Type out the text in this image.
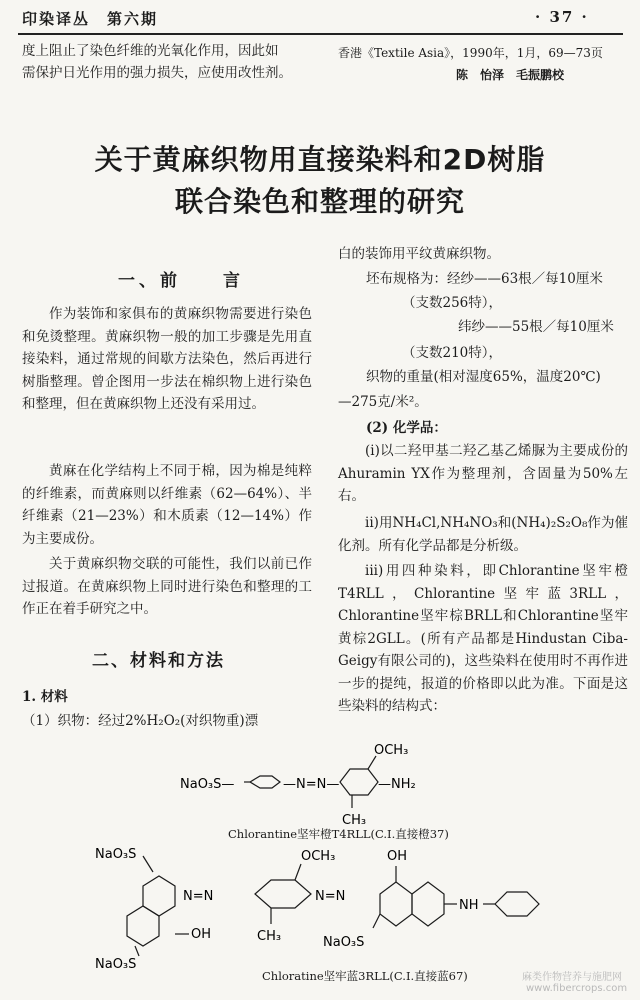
印染译丛　第六期	· 37 ·
度上阻止了染色纤维的光氧化作用，因此如
需保护日光作用的强力损失，应使用改性剂。
香港《Textile Asia》，1990年，1月，69—73页
陈　怡泽　毛振鹏校
关于黄麻织物用直接染料和2D树脂
联合染色和整理的研究
一、前　　言
作为装饰和家俱布的黄麻织物需要进行染色和免烫整理。黄麻织物一般的加工步骤是先用直接染料，通过常规的间歇方法染色，然后再进行树脂整理。曾企图用一步法在棉织物上进行染色和整理，但在黄麻织物上还没有采用过。
黄麻在化学结构上不同于棉，因为棉是纯粹的纤维素，而黄麻则以纤维素（62—64%）、半纤维素（21—23%）和木质素（12—14%）作为主要成份。
关于黄麻织物交联的可能性，我们以前已作过报道。在黄麻织物上同时进行染色和整理的工作正在着手研究之中。
二、材料和方法
1. 材料
（1）织物：经过2%H₂O₂(对织物重)漂
白的装饰用平纹黄麻织物。
坯布规格为：经纱——63根／每10厘米
（支数256特），
纬纱——55根／每10厘米
（支数210特），
织物的重量(相对湿度65%，温度20℃)
—275克/米²。
(2) 化学品：
(i)以二羟甲基二羟乙基乙烯脲为主要成份的Ahuramin YX作为整理剂，含固量为50%左右。
ii)用NH₄Cl,NH₄NO₃和(NH₄)₂S₂O₈作为催化剂。所有化学品都是分析级。
iii)用四种染料，即Chlorantine坚牢橙T4RLL，Chlorantine坚牢蓝3RLL，Chlorantine坚牢棕BRLL和Chlorantine坚牢黄棕2GLL。(所有产品都是Hindustan Ciba-Geigy有限公司的)，这些染料在使用时不再作进一步的提纯，报道的价格即以此为准。下面是这些染料的结构式：
NaO₃S—	—N=N—
OCH₃
—NH₂
CH₃
Chlorantine坚牢橙T4RLL(C.I.直接橙37)
NaO₃S
N=N
OH
NaO₃S
OCH₃
CH₃
N=N
OH
NaO₃S
NH
Chloratine坚牢蓝3RLL(C.I.直接蓝67)	麻类作物营养与施肥网
www.fibercrops.com
